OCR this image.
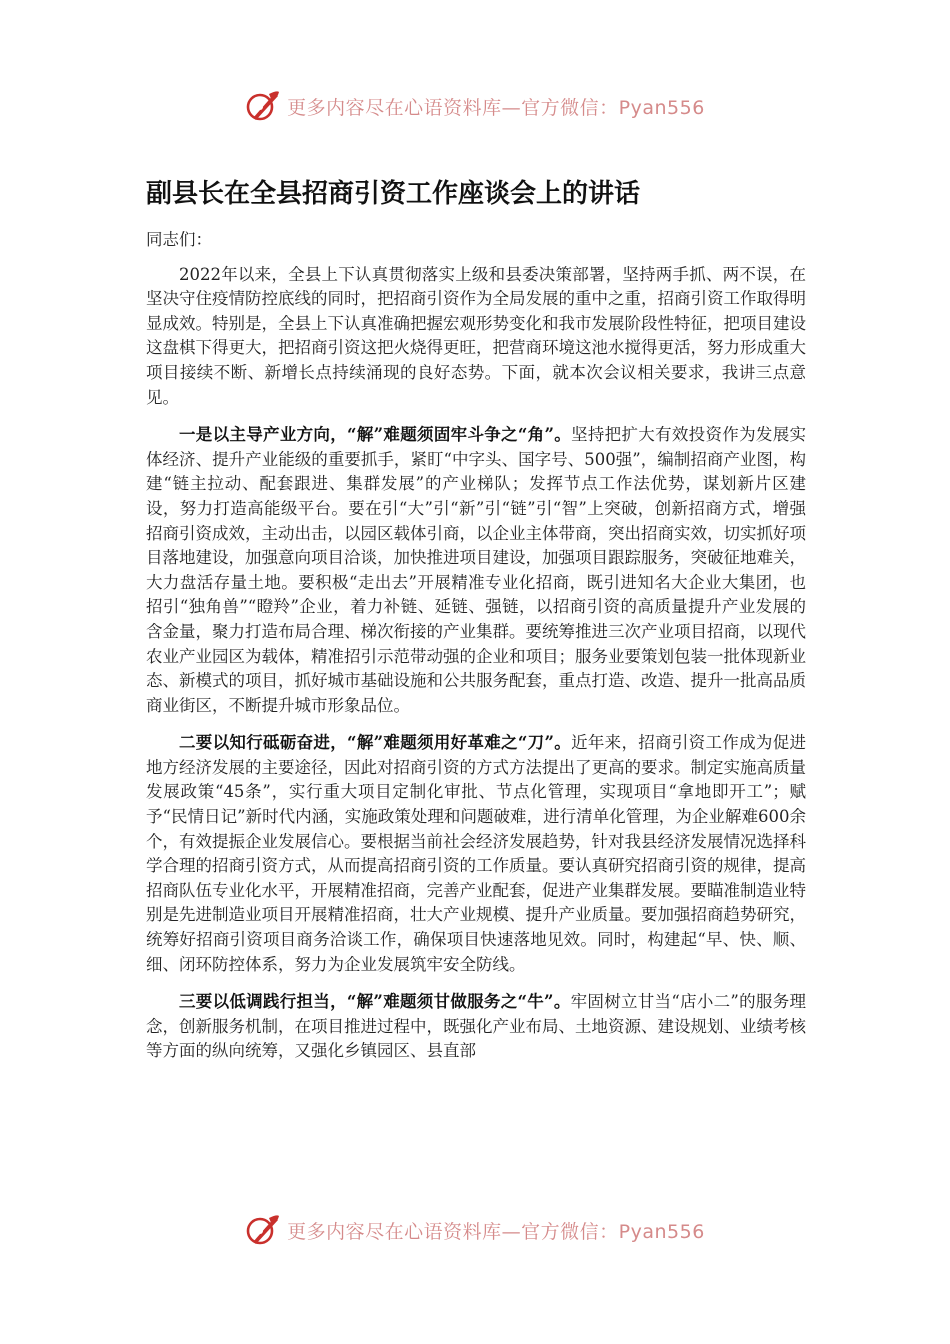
更多内容尽在心语资料库—官方微信：Pyan556
副县长在全县招商引资工作座谈会上的讲话

同志们：

2022年以来，全县上下认真贯彻落实上级和县委决策部署，坚持两手抓、两不误，在坚决守住疫情防控底线的同时，把招商引资作为全局发展的重中之重，招商引资工作取得明显成效。特别是，全县上下认真准确把握宏观形势变化和我市发展阶段性特征，把项目建设这盘棋下得更大，把招商引资这把火烧得更旺，把营商环境这池水搅得更活，努力形成重大项目接续不断、新增长点持续涌现的良好态势。下面，就本次会议相关要求，我讲三点意见。

一是以主导产业方向，“解”难题须固牢斗争之“角”。坚持把扩大有效投资作为发展实体经济、提升产业能级的重要抓手，紧盯“中字头、国字号、500强”，编制招商产业图，构建“链主拉动、配套跟进、集群发展”的产业梯队；发挥节点工作法优势，谋划新片区建设，努力打造高能级平台。要在引“大”引“新”引“链”引“智”上突破，创新招商方式，增强招商引资成效，主动出击，以园区载体引商，以企业主体带商，突出招商实效，切实抓好项目落地建设，加强意向项目洽谈，加快推进项目建设，加强项目跟踪服务，突破征地难关，大力盘活存量土地。要积极“走出去”开展精准专业化招商，既引进知名大企业大集团，也招引“独角兽”“瞪羚”企业，着力补链、延链、强链，以招商引资的高质量提升产业发展的含金量，聚力打造布局合理、梯次衔接的产业集群。要统筹推进三次产业项目招商，以现代农业产业园区为载体，精准招引示范带动强的企业和项目；服务业要策划包装一批体现新业态、新模式的项目，抓好城市基础设施和公共服务配套，重点打造、改造、提升一批高品质商业街区，不断提升城市形象品位。

二要以知行砥砺奋进，“解”难题须用好革难之“刀”。近年来，招商引资工作成为促进地方经济发展的主要途径，因此对招商引资的方式方法提出了更高的要求。制定实施高质量发展政策“45条”，实行重大项目定制化审批、节点化管理，实现项目“拿地即开工”；赋予“民情日记”新时代内涵，实施政策处理和问题破难，进行清单化管理，为企业解难600余个，有效提振企业发展信心。要根据当前社会经济发展趋势，针对我县经济发展情况选择科学合理的招商引资方式，从而提高招商引资的工作质量。要认真研究招商引资的规律，提高招商队伍专业化水平，开展精准招商，完善产业配套，促进产业集群发展。要瞄准制造业特别是先进制造业项目开展精准招商，壮大产业规模、提升产业质量。要加强招商趋势研究，统筹好招商引资项目商务洽谈工作，确保项目快速落地见效。同时，构建起“早、快、顺、细、闭环防控体系，努力为企业发展筑牢安全防线。

三要以低调践行担当，“解”难题须甘做服务之“牛”。牢固树立甘当“店小二”的服务理念，创新服务机制，在项目推进过程中，既强化产业布局、土地资源、建设规划、业绩考核等方面的纵向统筹，又强化乡镇园区、县直部

更多内容尽在心语资料库—官方微信：Pyan556
